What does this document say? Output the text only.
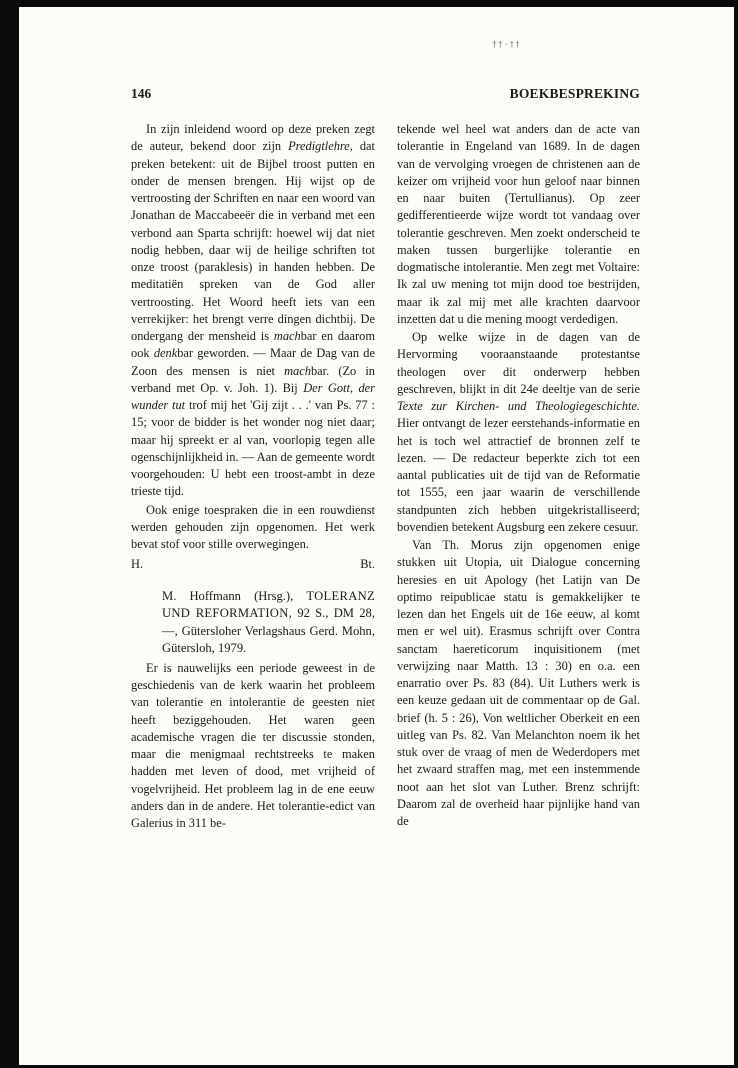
††·††
146	BOEKBESPREKING

In zijn inleidend woord op deze preken zegt de auteur, bekend door zijn Predigtlehre, dat preken betekent: uit de Bijbel troost putten en onder de mensen brengen. Hij wijst op de vertroosting der Schriften en naar een woord van Jonathan de Maccabeeër die in verband met een verbond aan Sparta schrijft: hoewel wij dat niet nodig hebben, daar wij de heilige schriften tot onze troost (paraklesis) in handen hebben. De meditatiën spreken van de God aller vertroosting. Het Woord heeft iets van een verrekijker: het brengt verre dingen dichtbij. De ondergang der mensheid is machbar en daarom ook denkbar geworden. — Maar de Dag van de Zoon des mensen is niet machbar. (Zo in verband met Op. v. Joh. 1). Bij Der Gott, der wunder tut trof mij het 'Gij zijt . . .' van Ps. 77 : 15; voor de bidder is het wonder nog niet daar; maar hij spreekt er al van, voorlopig tegen alle ogenschijnlijkheid in. — Aan de gemeente wordt voorgehouden: U hebt een troost-ambt in deze trieste tijd.

Ook enige toespraken die in een rouwdienst werden gehouden zijn opgenomen. Het werk bevat stof voor stille overwegingen.

H.	Bt.
M. Hoffmann (Hrsg.), TOLERANZ UND REFORMATION, 92 S., DM 28,—, Gütersloher Verlagshaus Gerd. Mohn, Gütersloh, 1979.

Er is nauwelijks een periode geweest in de geschiedenis van de kerk waarin het probleem van tolerantie en intolerantie de geesten niet heeft beziggehouden. Het waren geen academische vragen die ter discussie stonden, maar die menigmaal rechtstreeks te maken hadden met leven of dood, met vrijheid of vogelvrijheid. Het probleem lag in de ene eeuw anders dan in de andere. Het tolerantie-edict van Galerius in 311 be-

tekende wel heel wat anders dan de acte van tolerantie in Engeland van 1689. In de dagen van de vervolging vroegen de christenen aan de keizer om vrijheid voor hun geloof naar binnen en naar buiten (Tertullianus). Op zeer gedifferentieerde wijze wordt tot vandaag over tolerantie geschreven. Men zoekt onderscheid te maken tussen burgerlijke tolerantie en dogmatische intolerantie. Men zegt met Voltaire: Ik zal uw mening tot mijn dood toe bestrijden, maar ik zal mij met alle krachten daarvoor inzetten dat u die mening moogt verdedigen.

Op welke wijze in de dagen van de Hervorming vooraanstaande protestantse theologen over dit onderwerp hebben geschreven, blijkt in dit 24e deeltje van de serie Texte zur Kirchen- und Theologiegeschichte. Hier ontvangt de lezer eerstehands-informatie en het is toch wel attractief de bronnen zelf te lezen. — De redacteur beperkte zich tot een aantal publicaties uit de tijd van de Reformatie tot 1555, een jaar waarin de verschillende standpunten zich hebben uitgekristalliseerd; bovendien betekent Augsburg een zekere cesuur.

Van Th. Morus zijn opgenomen enige stukken uit Utopia, uit Dialogue concerning heresies en uit Apology (het Latijn van De optimo reipublicae statu is gemakkelijker te lezen dan het Engels uit de 16e eeuw, al komt men er wel uit). Erasmus schrijft over Contra sanctam haereticorum inquisitionem (met verwijzing naar Matth. 13 : 30) en o.a. een enarratio over Ps. 83 (84). Uit Luthers werk is een keuze gedaan uit de commentaar op de Gal. brief (h. 5 : 26), Von weltlicher Oberkeit en een uitleg van Ps. 82. Van Melanchton noem ik het stuk over de vraag of men de Wederdopers met het zwaard straffen mag, met een instemmende noot aan het slot van Luther. Brenz schrijft: Daarom zal de overheid haar pijnlijke hand van de
